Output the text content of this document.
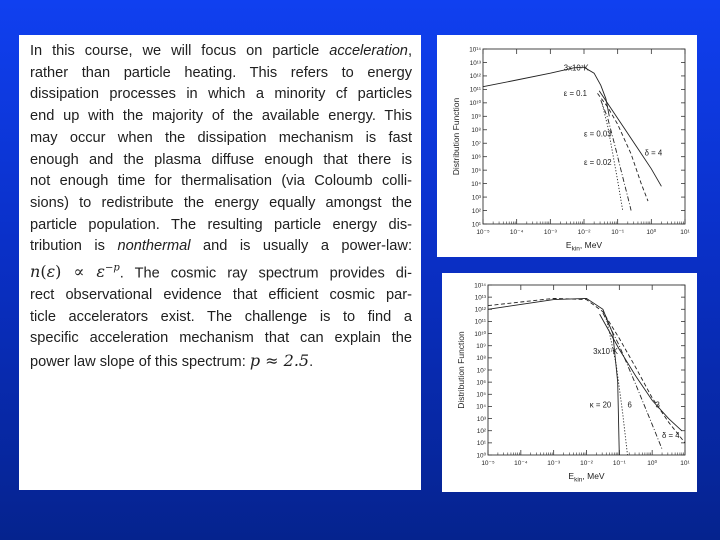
In this course, we will focus on particle acceleration,
rather than particle heating. This refers to energy
dissipation processes in which a minority cf particles
end up with the majority of the available energy. This
may occur when the dissipation mechanism is fast
enough and the plasma diffuse enough that there is
not enough time for thermalisation (via Coloumb colli-
sions) to redistribute the energy equally amongst the
particle population. The resulting particle energy dis-
tribution is nonthermal and is usually a power-law:
$n(\varepsilon) \propto \varepsilon^{-p}$. The cosmic ray spectrum provides di-
rect observational evidence that efficient cosmic par-
ticle accelerators exist. The challenge is to find a
specific acceleration mechanism that can explain the
power law slope of this spectrum: p ≈ 2.5.
10⁻⁵	10⁻⁴	10⁻³	10⁻²	10⁻¹	10⁰	10¹
10¹⁴
10¹³
10¹²
10¹¹
10¹⁰
10⁹
10⁸
10⁷
10⁶
10⁵
10⁴
10³
10²
10¹
Distribution Function
$E_{kin}$, MeV
3x10⁷K
ε = 0.1
ε = 0.03
ε = 0.02
δ = 4
10⁻⁵	10⁻⁴	10⁻³	10⁻²	10⁻¹	10⁰	10¹
10¹⁴
10¹³
10¹²
10¹¹
10¹⁰
10⁹
10⁸
10⁷
10⁶
10⁵
10⁴
10³
10²
10¹
10⁰
Distribution Function
$E_{kin}$, MeV
3x10⁷K
κ = 20 6	3
δ = 4
